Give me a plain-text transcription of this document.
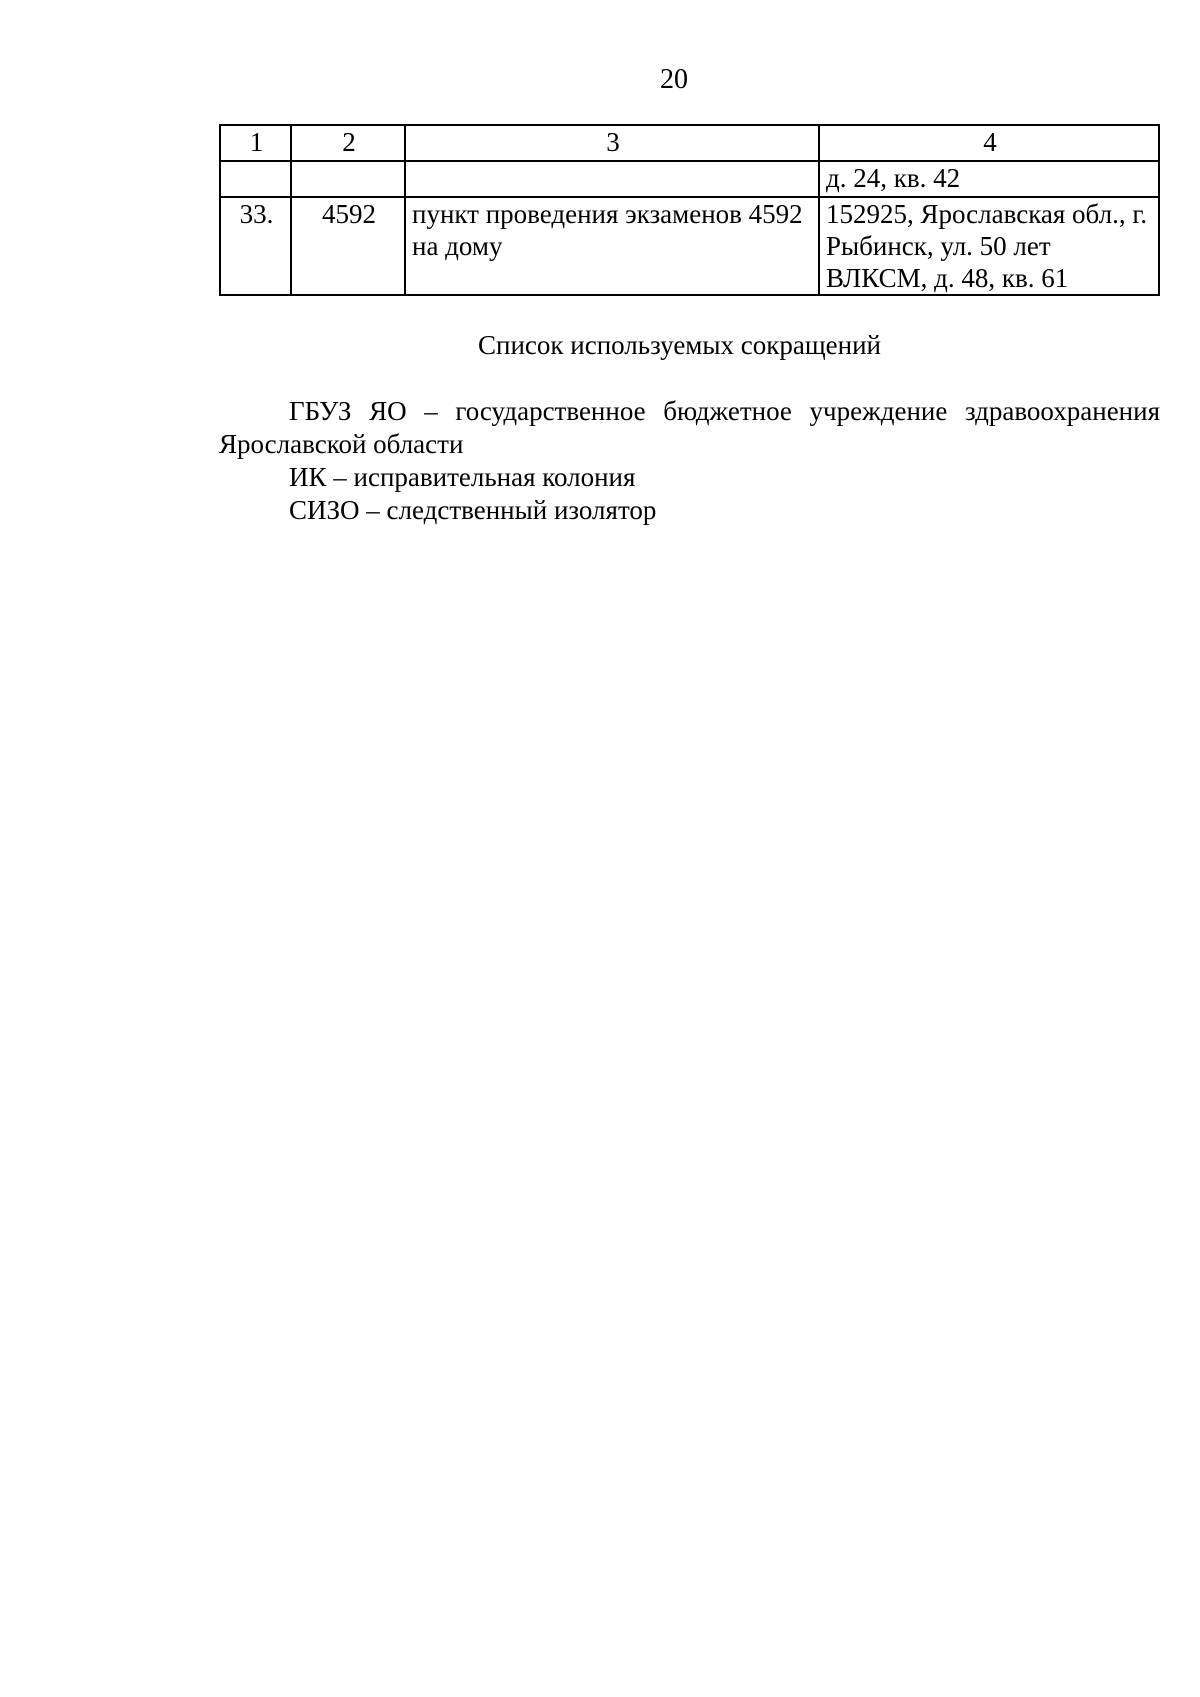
20
1	2	3	4
			д. 24, кв. 42
33.	4592	пункт проведения экзаменов 4592 на дому	152925, Ярославская обл., г. Рыбинск, ул. 50 лет ВЛКСМ, д. 48, кв. 61
Список используемых сокращений

ГБУЗ ЯО – государственное бюджетное учреждение здравоохранения Ярославской области

ИК – исправительная колония

СИЗО – следственный изолятор
